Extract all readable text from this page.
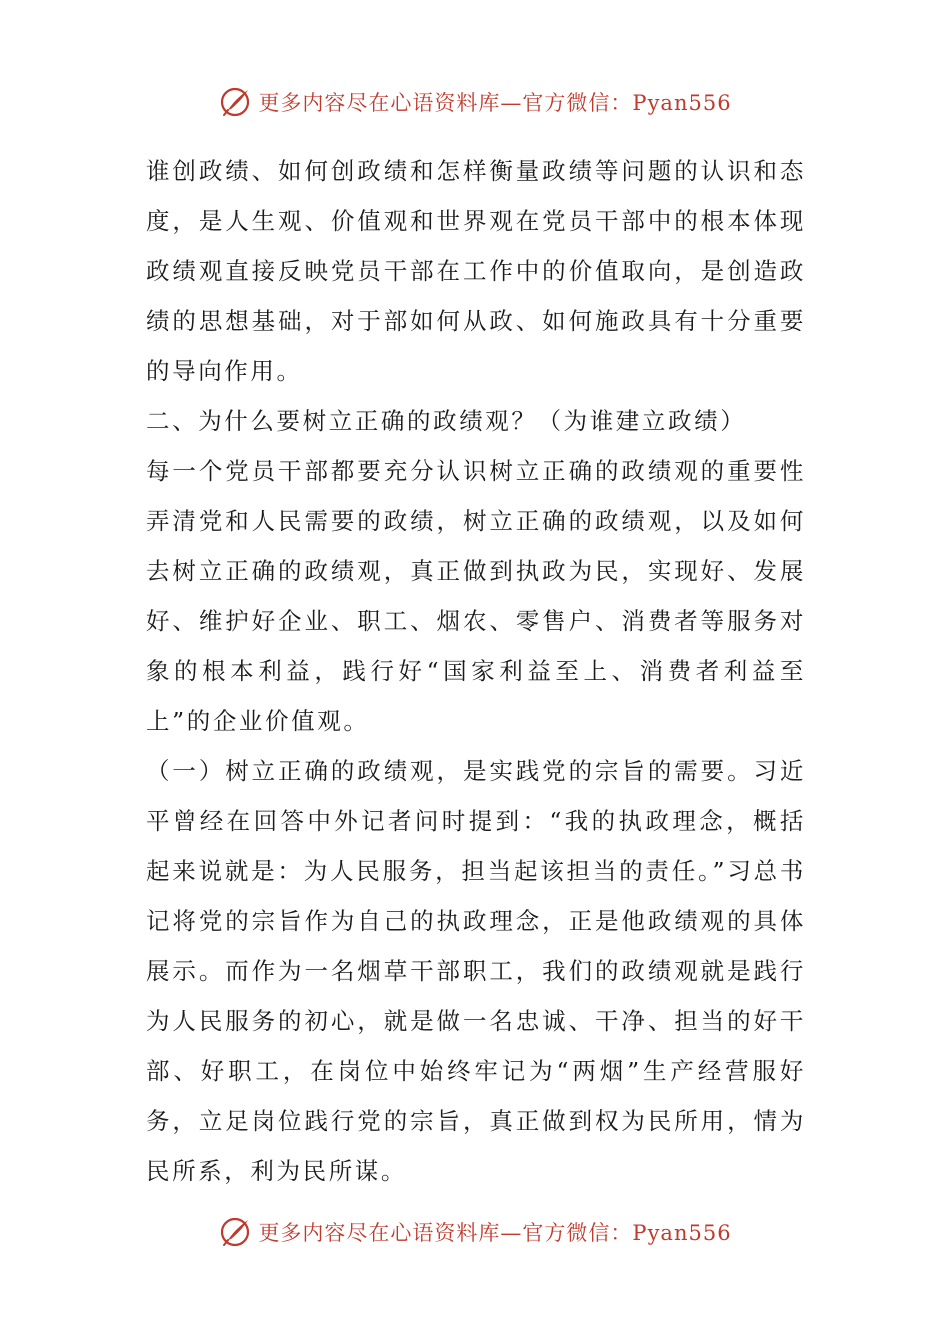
更多内容尽在心语资料库—官方微信：Pyan556

谁创政绩、如何创政绩和怎样衡量政绩等问题的认识和态度，是人生观、价值观和世界观在党员干部中的根本体现政绩观直接反映党员干部在工作中的价值取向，是创造政绩的思想基础，对于部如何从政、如何施政具有十分重要的导向作用。

二、为什么要树立正确的政绩观？（为谁建立政绩）

每一个党员干部都要充分认识树立正确的政绩观的重要性弄清党和人民需要的政绩，树立正确的政绩观，以及如何去树立正确的政绩观，真正做到执政为民，实现好、发展好、维护好企业、职工、烟农、零售户、消费者等服务对象的根本利益，践行好“国家利益至上、消费者利益至上”的企业价值观。

（一）树立正确的政绩观，是实践党的宗旨的需要。习近平曾经在回答中外记者问时提到：“我的执政理念，概括起来说就是：为人民服务，担当起该担当的责任。”习总书记将党的宗旨作为自己的执政理念，正是他政绩观的具体展示。而作为一名烟草干部职工，我们的政绩观就是践行为人民服务的初心，就是做一名忠诚、干净、担当的好干部、好职工，在岗位中始终牢记为“两烟”生产经营服好务，立足岗位践行党的宗旨，真正做到权为民所用，情为民所系，利为民所谋。

更多内容尽在心语资料库—官方微信：Pyan556
